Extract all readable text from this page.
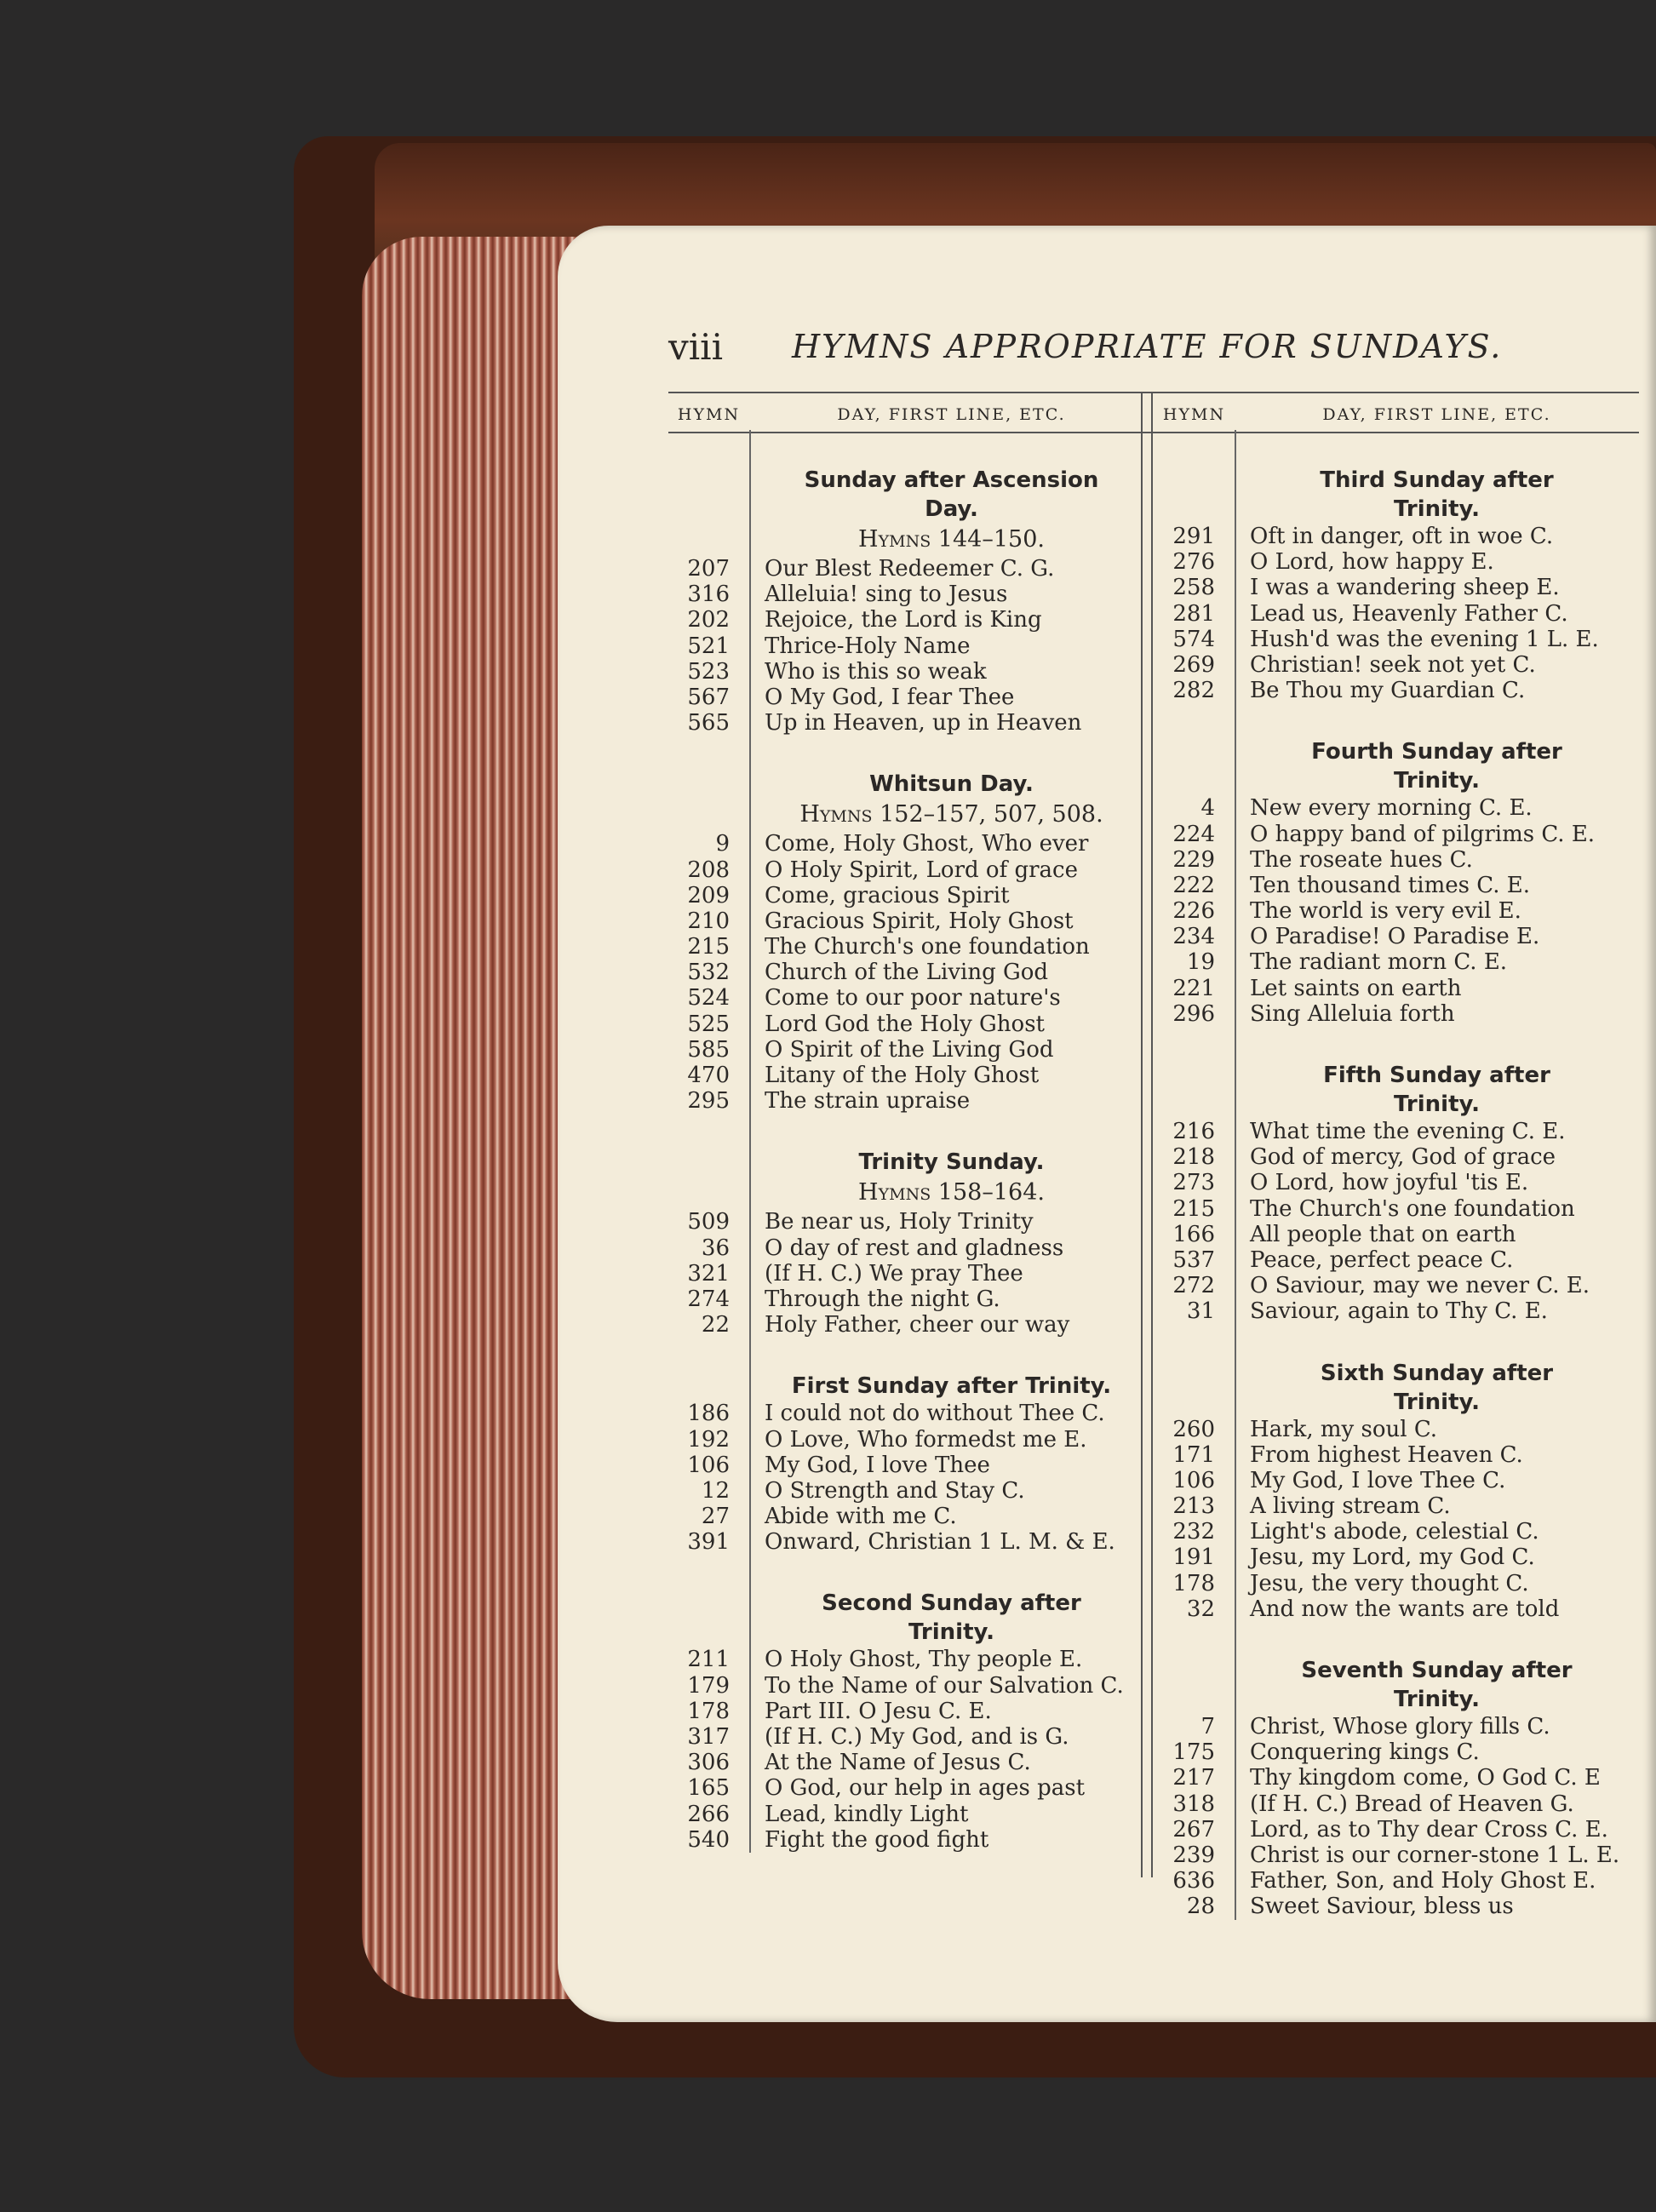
viii HYMNS APPROPRIATE FOR SUNDAYS.
HYMN	DAY, FIRST LINE, ETC.
Sunday after Ascension
Day.
Hymns 144–150.
207 Our Blest Redeemer C. G.
316 Alleluia! sing to Jesus
202 Rejoice, the Lord is King
521 Thrice-Holy Name
523 Who is this so weak
567 O My God, I fear Thee
565 Up in Heaven, up in Heaven
Whitsun Day.
Hymns 152–157, 507, 508.
9 Come, Holy Ghost, Who ever
208 O Holy Spirit, Lord of grace
209 Come, gracious Spirit
210 Gracious Spirit, Holy Ghost
215 The Church's one foundation
532 Church of the Living God
524 Come to our poor nature's
525 Lord God the Holy Ghost
585 O Spirit of the Living God
470 Litany of the Holy Ghost
295 The strain upraise
Trinity Sunday.
Hymns 158–164.
509 Be near us, Holy Trinity
36 O day of rest and gladness
321 (If H. C.) We pray Thee
274 Through the night G.
22 Holy Father, cheer our way
First Sunday after Trinity.
186 I could not do without Thee C.
192 O Love, Who formedst me E.
106 My God, I love Thee
12 O Strength and Stay C.
27 Abide with me C.
391 Onward, Christian 1 L. M. & E.
Second Sunday after
Trinity.
211 O Holy Ghost, Thy people E.
179 To the Name of our Salvation C.
178 Part III. O Jesu C. E.
317 (If H. C.) My God, and is G.
306 At the Name of Jesus C.
165 O God, our help in ages past
266 Lead, kindly Light
540 Fight the good fight
HYMN	DAY, FIRST LINE, ETC.
Third Sunday after
Trinity.
291 Oft in danger, oft in woe C.
276 O Lord, how happy E.
258 I was a wandering sheep E.
281 Lead us, Heavenly Father C.
574 Hush'd was the evening 1 L. E.
269 Christian! seek not yet C.
282 Be Thou my Guardian C.
Fourth Sunday after
Trinity.
4 New every morning C. E.
224 O happy band of pilgrims C. E.
229 The roseate hues C.
222 Ten thousand times C. E.
226 The world is very evil E.
234 O Paradise! O Paradise E.
19 The radiant morn C. E.
221 Let saints on earth
296 Sing Alleluia forth
Fifth Sunday after
Trinity.
216 What time the evening C. E.
218 God of mercy, God of grace
273 O Lord, how joyful 'tis E.
215 The Church's one foundation
166 All people that on earth
537 Peace, perfect peace C.
272 O Saviour, may we never C. E.
31 Saviour, again to Thy C. E.
Sixth Sunday after
Trinity.
260 Hark, my soul C.
171 From highest Heaven C.
106 My God, I love Thee C.
213 A living stream C.
232 Light's abode, celestial C.
191 Jesu, my Lord, my God C.
178 Jesu, the very thought C.
32 And now the wants are told
Seventh Sunday after
Trinity.
7 Christ, Whose glory fills C.
175 Conquering kings C.
217 Thy kingdom come, O God C. E
318 (If H. C.) Bread of Heaven G.
267 Lord, as to Thy dear Cross C. E.
239 Christ is our corner-stone 1 L. E.
636 Father, Son, and Holy Ghost E.
28 Sweet Saviour, bless us
